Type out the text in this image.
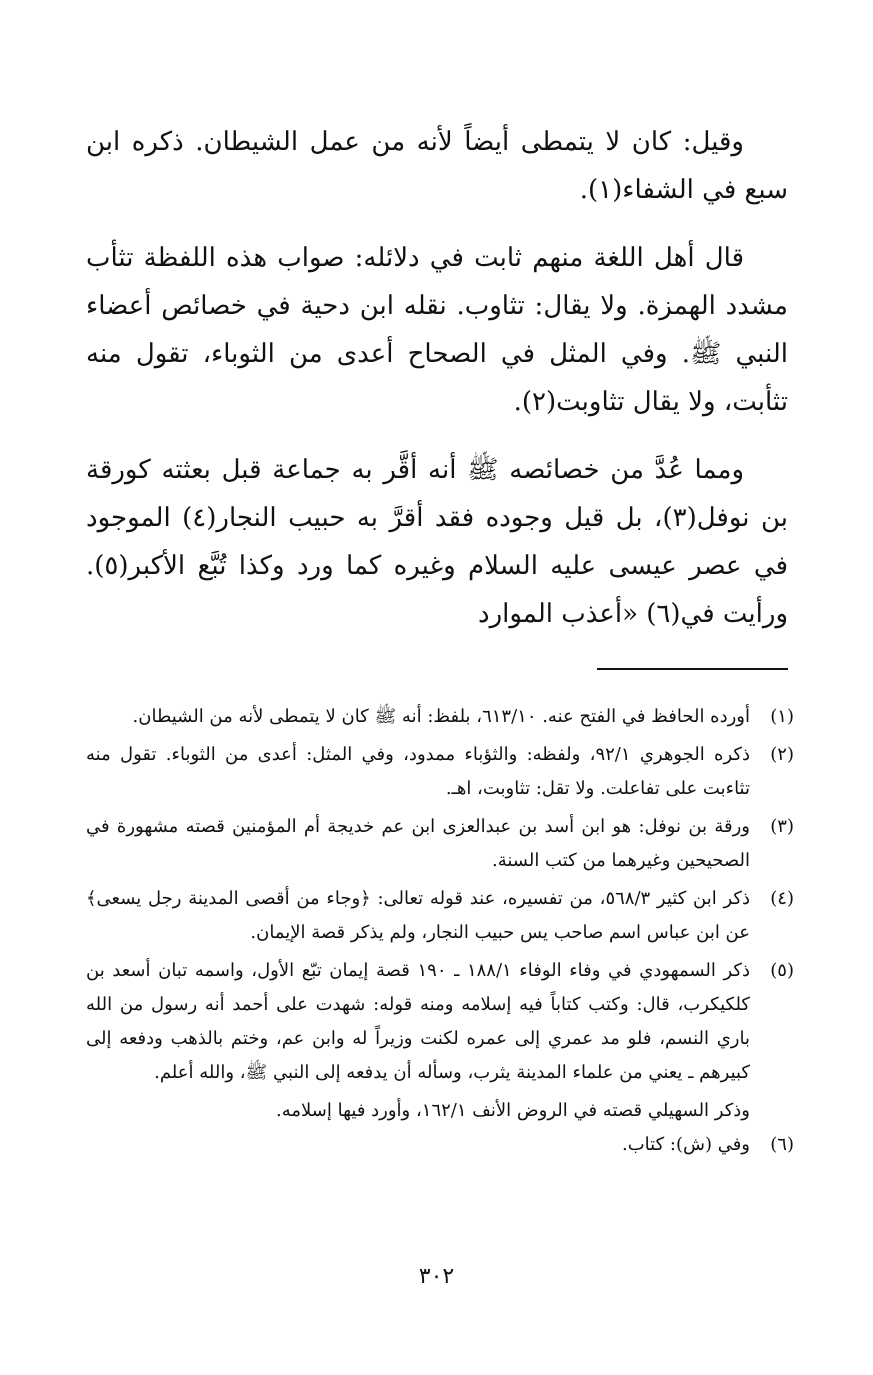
وقيل: كان لا يتمطى أيضاً لأنه من عمل الشيطان. ذكره ابن سبع في الشفاء(١).

قال أهل اللغة منهم ثابت في دلائله: صواب هذه اللفظة تثأب مشدد الهمزة. ولا يقال: تثاوب. نقله ابن دحية في خصائص أعضاء النبي ﷺ. وفي المثل في الصحاح أعدى من الثوباء، تقول منه تثأبت، ولا يقال تثاوبت(٢).

ومما عُدَّ من خصائصه ﷺ أنه أقَّر به جماعة قبل بعثته كورقة بن نوفل(٣)، بل قيل وجوده فقد أقرَّ به حبيب النجار(٤) الموجود في عصر عيسى عليه السلام وغيره كما ورد وكذا تُبَّع الأكبر(٥). ورأيت في(٦) «أعذب الموارد

(١)
أورده الحافظ في الفتح عنه. ٦١٣/١٠، بلفظ: أنه ﷺ كان لا يتمطى لأنه من الشيطان.
(٢)
ذكره الجوهري ٩٢/١، ولفظه: والثؤباء ممدود، وفي المثل: أعدى من الثوباء. تقول منه تثاءبت على تفاعلت. ولا تقل: تثاوبت، اهـ.
(٣)
ورقة بن نوفل: هو ابن أسد بن عبدالعزى ابن عم خديجة أم المؤمنين قصته مشهورة في الصحيحين وغيرهما من كتب السنة.
(٤)
ذكر ابن كثير ٥٦٨/٣، من تفسيره، عند قوله تعالى: ﴿وجاء من أقصى المدينة رجل يسعى﴾ عن ابن عباس اسم صاحب يس حبيب النجار، ولم يذكر قصة الإيمان.
(٥)
ذكر السمهودي في وفاء الوفاء ١٨٨/١ ـ ١٩٠ قصة إيمان تبّع الأول، واسمه تبان أسعد بن كلكيكرب، قال: وكتب كتاباً فيه إسلامه ومنه قوله: شهدت على أحمد أنه رسول من الله باري النسم، فلو مد عمري إلى عمره لكنت وزيراً له وابن عم، وختم بالذهب ودفعه إلى كبيرهم ـ يعني من علماء المدينة يثرب، وسأله أن يدفعه إلى النبي ﷺ، والله أعلم.
وذكر السهيلي قصته في الروض الأنف ١٦٢/١، وأورد فيها إسلامه.
(٦)
وفي (ش): كتاب.
٣٠٢
